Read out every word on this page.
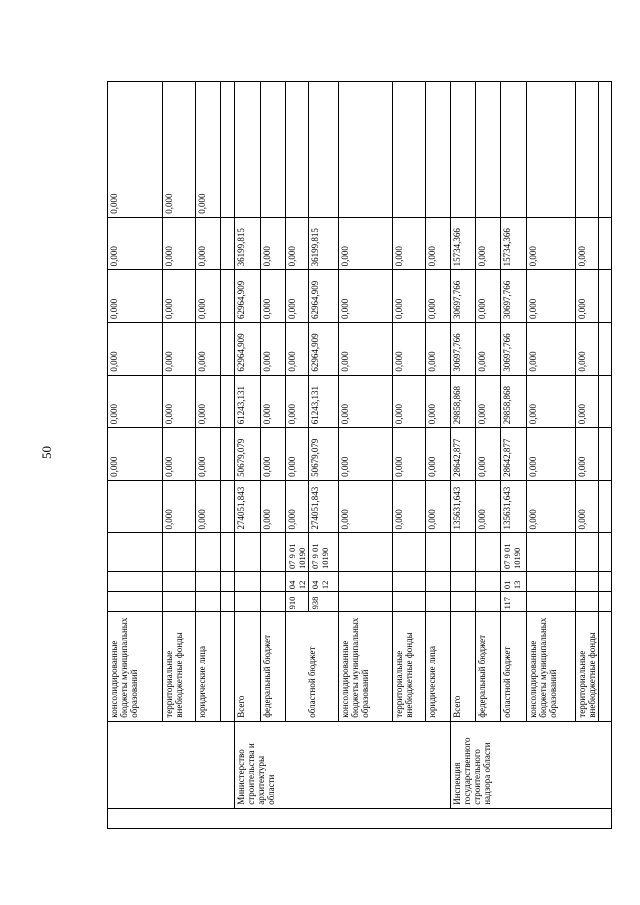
50
		консолидированные бюджеты муниципальных образований					0,000	0,000	0,000	0,000	0,000	0,000
		территориальные внебюджетные фонды				0,000	0,000	0,000	0,000	0,000	0,000	0,000
		юридические лица				0,000	0,000	0,000	0,000	0,000	0,000	0,000

	Министерство строительства и архитектуры области	Всего				274051,843	50679,079	61243,131	62964,909	62964,909	36199,815	
		федеральный бюджет				0,000	0,000	0,000	0,000	0,000	0,000	
		областной бюджет	910	04 12	07 9 01 10190	0,000	0,000	0,000	0,000	0,000	0,000	
			938	04 12	07 9 01 10190	274051,843	50679,079	61243,131	62964,909	62964,909	36199,815	
		консолидированные бюджеты муниципальных образований				0,000	0,000	0,000	0,000	0,000	0,000	
		территориальные внебюджетные фонды				0,000	0,000	0,000	0,000	0,000	0,000	
		юридические лица				0,000	0,000	0,000	0,000	0,000	0,000	
	Инспекция государственного строительного надзора области	Всего				135631,643	28642,877	29858,868	30697,766	30697,766	15734,366	
		федеральный бюджет				0,000	0,000	0,000	0,000	0,000	0,000	
		областной бюджет	117	01 13	07 9 01 10190	135631,643	28642,877	29858,868	30697,766	30697,766	15734,366	
		консолидированные бюджеты муниципальных образований				0,000	0,000	0,000	0,000	0,000	0,000	
		территориальные внебюджетные фонды				0,000	0,000	0,000	0,000	0,000	0,000	
